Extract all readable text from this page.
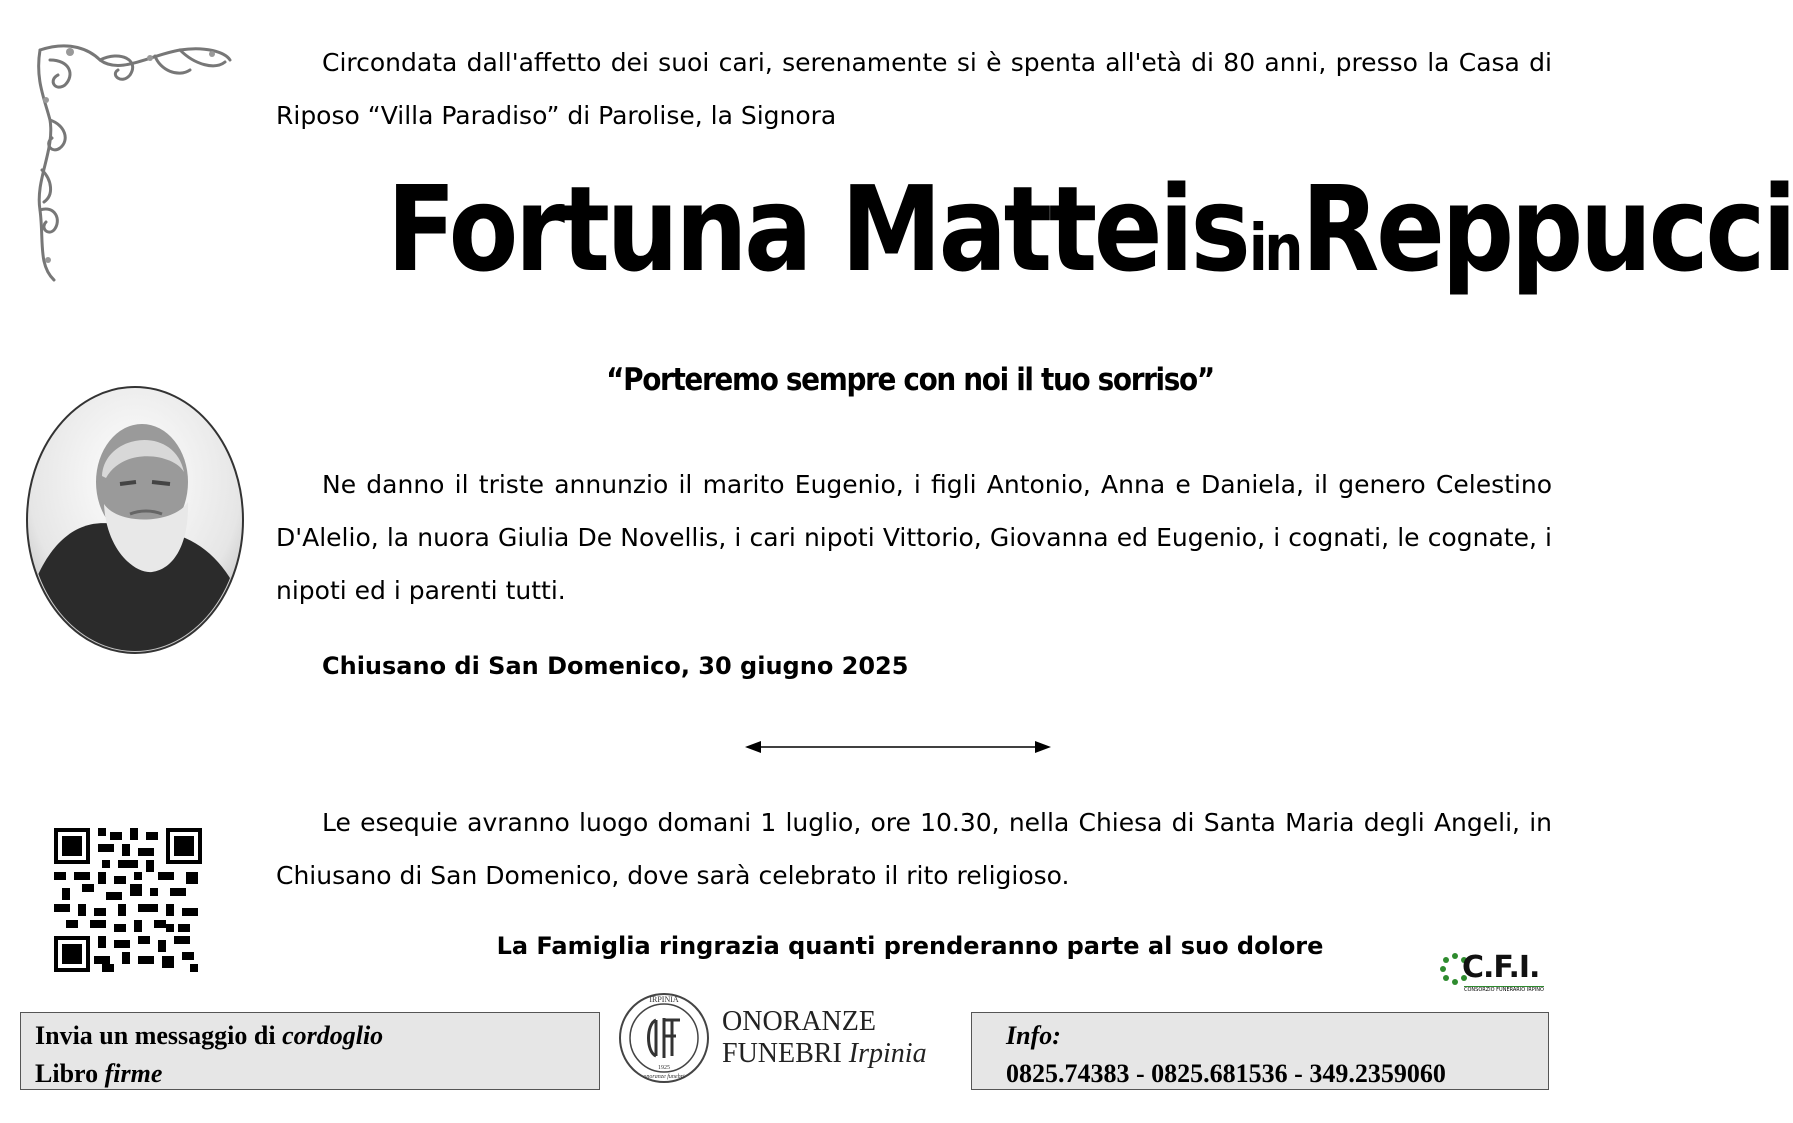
Circondata dall'affetto dei suoi cari, serenamente si è spenta all'età di 80 anni, presso la Casa di Riposo “Villa Paradiso” di Parolise, la Signora

Fortuna Matteis in Reppucci
“Porteremo sempre con noi il tuo sorriso”

Ne danno il triste annunzio il marito Eugenio, i figli Antonio, Anna e Daniela, il genero Celestino D'Alelio, la nuora Giulia De Novellis, i cari nipoti Vittorio, Giovanna ed Eugenio, i cognati, le cognate, i nipoti ed i parenti tutti.

Chiusano di San Domenico, 30 giugno 2025

Le esequie avranno luogo domani 1 luglio, ore 10.30, nella Chiesa di Santa Maria degli Angeli, in Chiusano di San Domenico, dove sarà celebrato il rito religioso.

La Famiglia ringrazia quanti prenderanno parte al suo dolore
C.F.I.
CONSORZIO FUNERARIO IRPINO
Invia un messaggio di cordoglio
Libro firme
IRPINIA
1925
onoranze funebri
ONORANZE
FUNEBRI Irpinia
Info:
0825.74383 - 0825.681536 - 349.2359060
